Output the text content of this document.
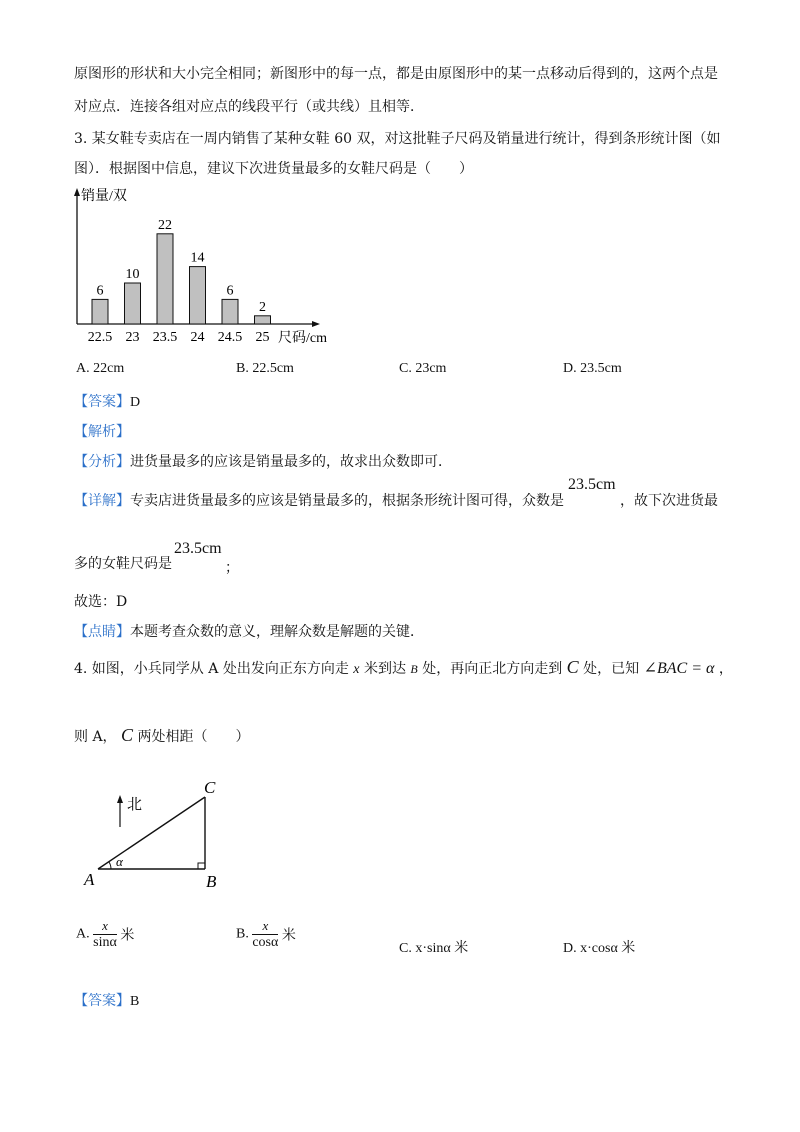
原图形的形状和大小完全相同；新图形中的每一点，都是由原图形中的某一点移动后得到的，这两个点是
对应点．连接各组对应点的线段平行（或共线）且相等．
3. 某女鞋专卖店在一周内销售了某种女鞋 60 双，对这批鞋子尺码及销量进行统计，得到条形统计图（如
图）．根据图中信息，建议下次进货量最多的女鞋尺码是（　　）
销量/双
尺码/cm
6
22.5
10
23
22
23.5
14
24
6
24.5
2
25
A. 22cm	B. 22.5cm	C. 23cm	D. 23.5cm
【答案】D
【解析】
【分析】进货量最多的应该是销量最多的，故求出众数即可．
【详解】专卖店进货量最多的应该是销量最多的，根据条形统计图可得，众数是
23.5cm
，故下次进货最
多的女鞋尺码是
23.5cm
；
故选：D
【点睛】本题考查众数的意义，理解众数是解题的关键．
4. 如图，小兵同学从 A 处出发向正东方向走 x 米到达 B 处，再向正北方向走到 C 处，已知 ∠BAC = α ，
则 A， C 两处相距（　　）
北
α
A	B
C
A. $\frac{x}{\sin\alpha}$ 米	B. $\frac{x}{\cos\alpha}$ 米
C. x·sinα 米	D. x·cosα 米
【答案】B
